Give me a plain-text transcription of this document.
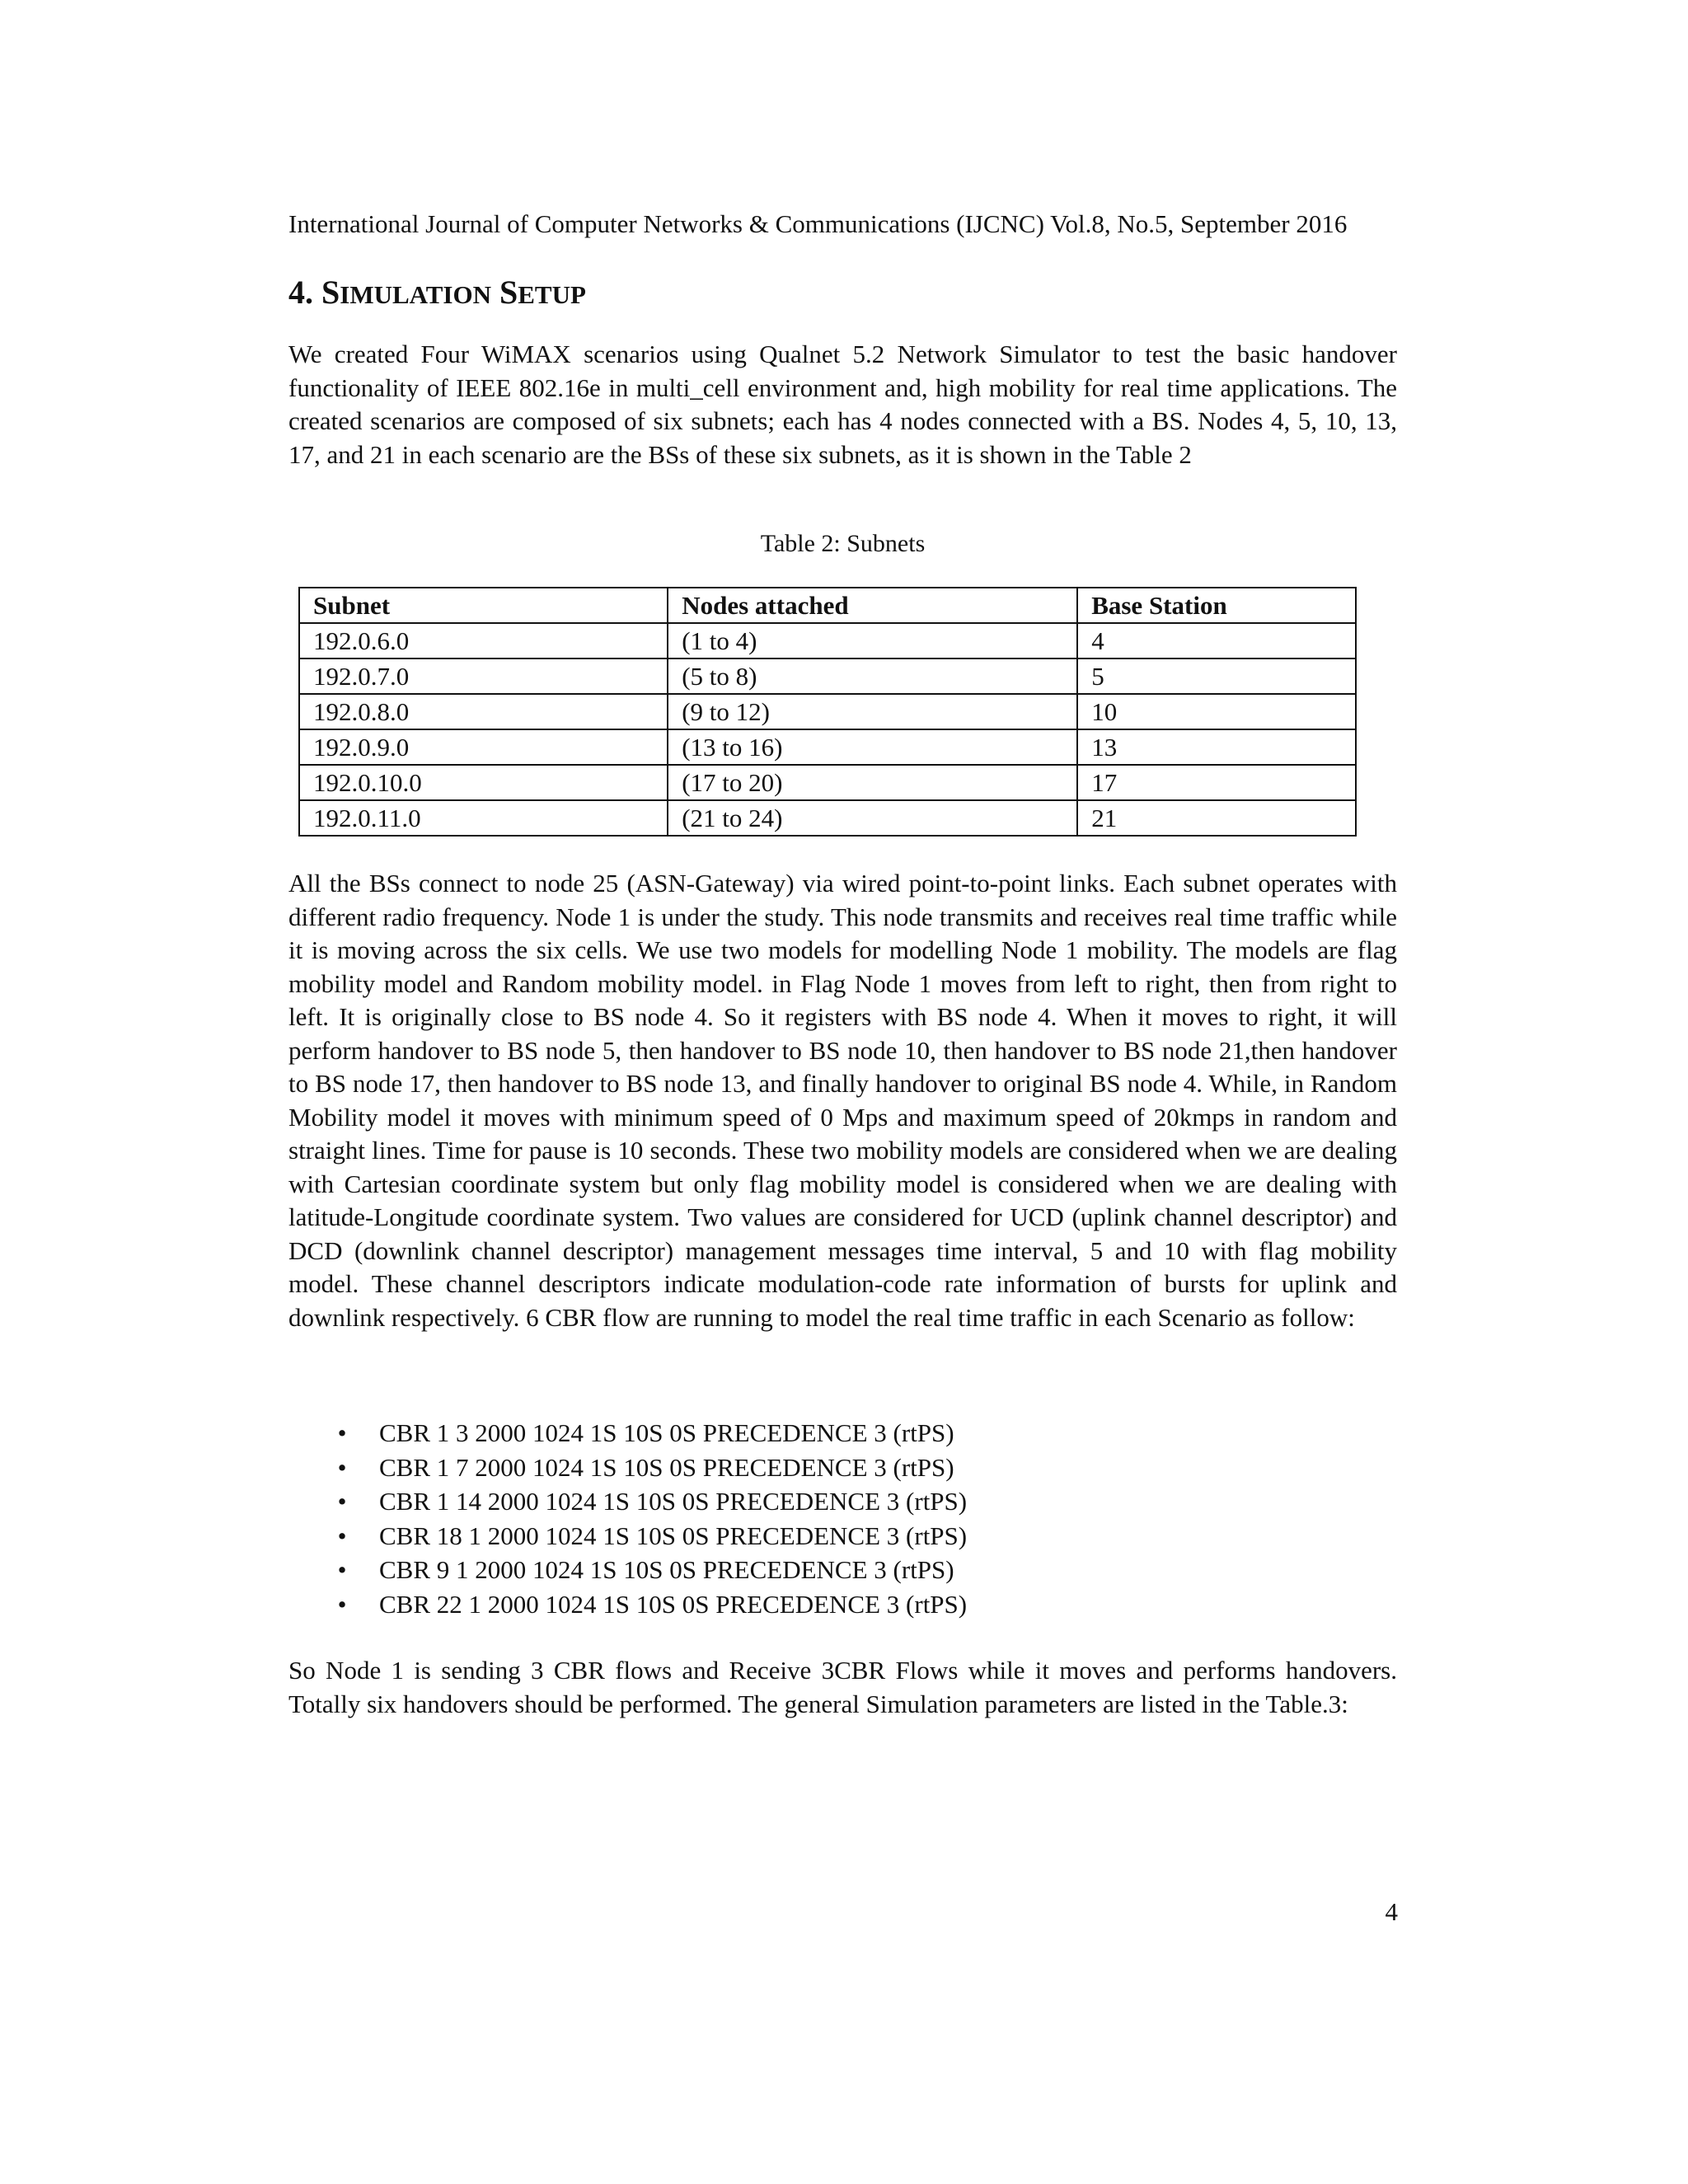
International Journal of Computer Networks & Communications (IJCNC) Vol.8, No.5, September 2016
4. SIMULATION SETUP

We created Four WiMAX scenarios using Qualnet 5.2 Network Simulator to test the basic handover functionality of IEEE 802.16e in multi_cell environment and, high mobility for real time applications. The created scenarios are composed of six subnets; each has 4 nodes connected with a BS. Nodes 4, 5, 10, 13, 17, and 21 in each scenario are the BSs of these six subnets, as it is shown in the Table 2

Table 2: Subnets
Subnet	Nodes attached	Base Station
192.0.6.0	(1 to 4)	4
192.0.7.0	(5 to 8)	5
192.0.8.0	(9 to 12)	10
192.0.9.0	(13 to 16)	13
192.0.10.0	(17 to 20)	17
192.0.11.0	(21 to 24)	21

All the BSs connect to node 25 (ASN-Gateway) via wired point-to-point links. Each subnet operates with different radio frequency. Node 1 is under the study. This node transmits and receives real time traffic while it is moving across the six cells. We use two models for modelling Node 1 mobility. The models are flag mobility model and Random mobility model. in Flag Node 1 moves from left to right, then from right to left. It is originally close to BS node 4. So it registers with BS node 4. When it moves to right, it will perform handover to BS node 5, then handover to BS node 10, then handover to BS node 21,then handover to BS node 17, then handover to BS node 13, and finally handover to original BS node 4. While, in Random Mobility model it moves with minimum speed of 0 Mps and maximum speed of 20kmps in random and straight lines. Time for pause is 10 seconds. These two mobility models are considered when we are dealing with Cartesian coordinate system but only flag mobility model is considered when we are dealing with latitude-Longitude coordinate system. Two values are considered for UCD (uplink channel descriptor) and DCD (downlink channel descriptor) management messages time interval, 5 and 10 with flag mobility model. These channel descriptors indicate modulation-code rate information of bursts for uplink and downlink respectively. 6 CBR flow are running to model the real time traffic in each Scenario as follow:

•	CBR 1 3 2000 1024 1S 10S 0S PRECEDENCE 3 (rtPS)
•	CBR 1 7 2000 1024 1S 10S 0S PRECEDENCE 3 (rtPS)
•	CBR 1 14 2000 1024 1S 10S 0S PRECEDENCE 3 (rtPS)
•	CBR 18 1 2000 1024 1S 10S 0S PRECEDENCE 3 (rtPS)
•	CBR 9 1 2000 1024 1S 10S 0S PRECEDENCE 3 (rtPS)
•	CBR 22 1 2000 1024 1S 10S 0S PRECEDENCE 3 (rtPS)

So Node 1 is sending 3 CBR flows and Receive 3CBR Flows while it moves and performs handovers. Totally six handovers should be performed. The general Simulation parameters are listed in the Table.3:

4
